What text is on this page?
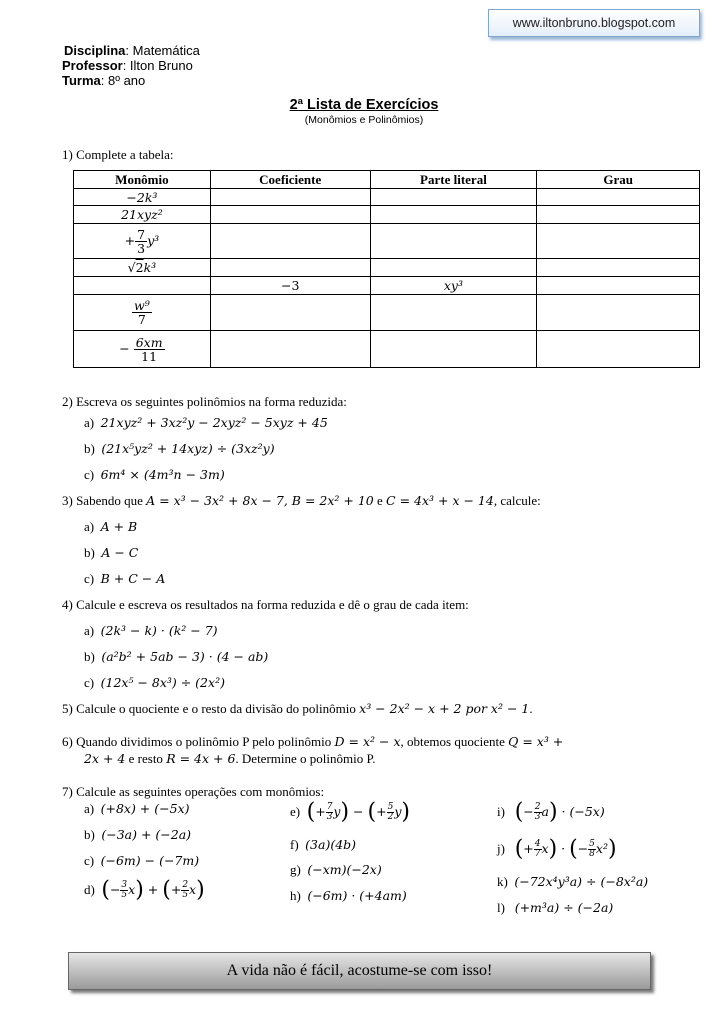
Disciplina: Matemática
Professor: Ilton Bruno
Turma: 8º ano
www.iltonbruno.blogspot.com
2ª Lista de Exercícios
(Monômios e Polinômios)
1) Complete a tabela:
Monômio	Coeficiente	Parte literal	Grau
−2k³			
21xyz²			
+ $\frac{7}{3} y^3$			
√2k³			
	−3	xy³	

$\frac{\text{w⁹}}{7}$

− $\frac{6xm}{11}$

2) Escreva os seguintes polinômios na forma reduzida:
a) 21xyz² + 3xz²y − 2xyz² − 5xyz + 45
b) (21x⁵yz² + 14xyz) ÷ (3xz²y)
c) 6m⁴ × (4m³n − 3m)
3) Sabendo que A = x³ − 3x² + 8x − 7, B = 2x² + 10 e C = 4x³ + x − 14, calcule:
a) A + B
b) A − C
c) B + C − A
4) Calcule e escreva os resultados na forma reduzida e dê o grau de cada item:
a) (2k³ − k) · (k² − 7)
b) (a²b² + 5ab − 3) · (4 − ab)
c) (12x⁵ − 8x³) ÷ (2x²)
5) Calcule o quociente e o resto da divisão do polinômio x³ − 2x² − x + 2 por x² − 1.
6) Quando dividimos o polinômio P pelo polinômio D = x² − x, obtemos quociente Q = x³ +
2x + 4 e resto R = 4x + 6. Determine o polinômio P.
7) Calcule as seguintes operações com monômios:
a) (+8x) + (−5x)
b) (−3a) + (−2a)
c) (−6m) − (−7m)
d) (− $\frac{3}{5} x$) + (+ $\frac{2}{5} x$)
e) (+ $\frac{7}{3} y$) − (+ $\frac{5}{2} y$)
f) (3a)(4b)
g) (−xm)(−2x)
h) (−6m) · (+4am)
i) (− $\frac{2}{3} a) \cdot (-5x)$
j) (+ $\frac{4}{7} x$) · (− $\frac{5}{8} x^2$)
k) (−72x⁴y³a) ÷ (−8x²a)
l) (+m³a) ÷ (−2a)
A vida não é fácil, acostume-se com isso!
